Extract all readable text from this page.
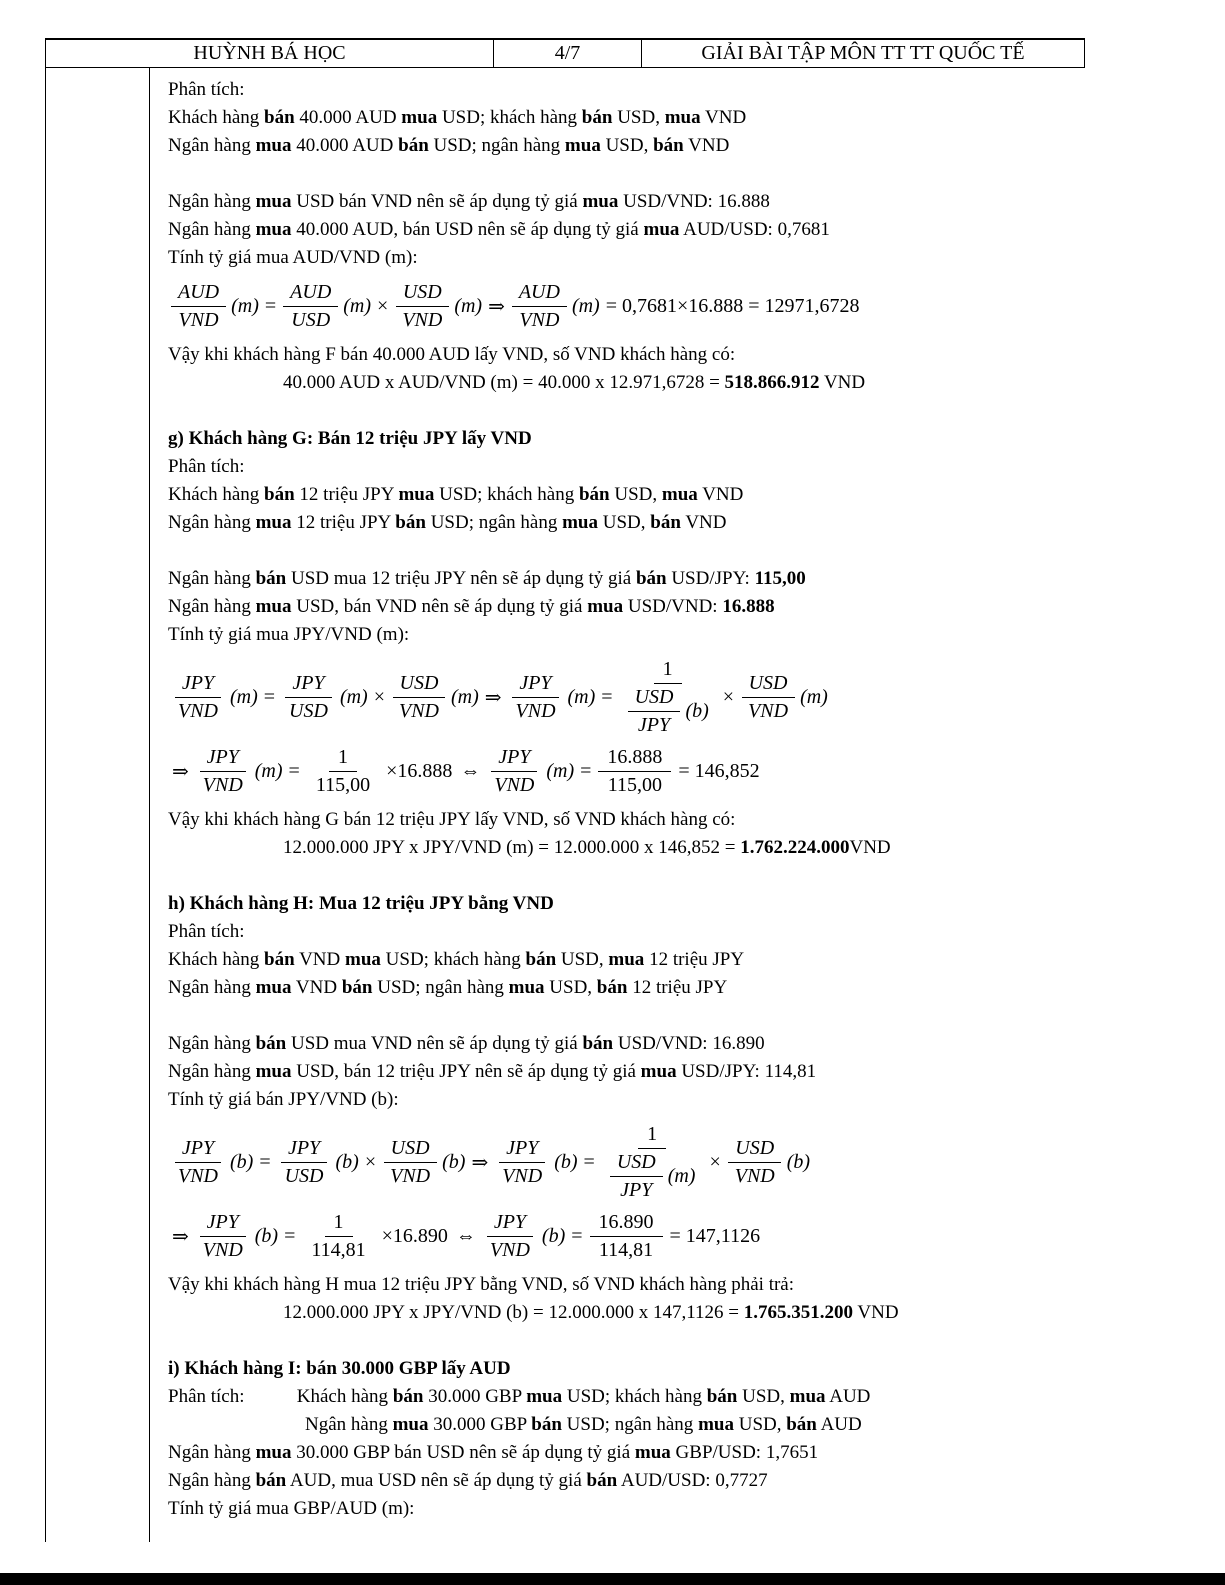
HUỲNH BÁ HỌC	4/7	GIẢI BÀI TẬP MÔN TT TT QUỐC TẾ
Phân tích:
Khách hàng bán 40.000 AUD mua USD; khách hàng bán USD, mua VND
Ngân hàng mua 40.000 AUD bán USD; ngân hàng mua USD, bán VND
Ngân hàng mua USD bán VND nên sẽ áp dụng tỷ giá mua USD/VND: 16.888
Ngân hàng mua 40.000 AUD, bán USD nên sẽ áp dụng tỷ giá mua AUD/USD: 0,7681
Tính tỷ giá mua AUD/VND (m):
AUD
VND
(m) =
AUD
USD
(m) ×
USD
VND
(m) ⇒
AUD
VND
(m) = 0,7681×16.888 = 12971,6728
Vậy khi khách hàng F bán 40.000 AUD lấy VND, số VND khách hàng có:
40.000 AUD x AUD/VND (m) = 40.000 x 12.971,6728 = 518.866.912 VND
g) Khách hàng G: Bán 12 triệu JPY lấy VND
Phân tích:
Khách hàng bán 12 triệu JPY mua USD; khách hàng bán USD, mua VND
Ngân hàng mua 12 triệu JPY bán USD; ngân hàng mua USD, bán VND
Ngân hàng bán USD mua 12 triệu JPY nên sẽ áp dụng tỷ giá bán USD/JPY: 115,00
Ngân hàng mua USD, bán VND nên sẽ áp dụng tỷ giá mua USD/VND: 16.888
Tính tỷ giá mua JPY/VND (m):
JPY
VND
(m) =
JPY
USD
(m) ×
USD
VND
(m) ⇒
JPY
VND
(m) =
1
USD
JPY
(b)
×
USD
VND
(m)
⇒
JPY
VND
$(m) = \frac{1}{115,00} \times 16.888$ ⇔
JPY
VND
$(m) = \frac{16.888}{115,00} = 146,852$
Vậy khi khách hàng G bán 12 triệu JPY lấy VND, số VND khách hàng có:
12.000.000 JPY x JPY/VND (m) = 12.000.000 x 146,852 = 1.762.224.000VND
h) Khách hàng H: Mua 12 triệu JPY bằng VND
Phân tích:
Khách hàng bán VND mua USD; khách hàng bán USD, mua 12 triệu JPY
Ngân hàng mua VND bán USD; ngân hàng mua USD, bán 12 triệu JPY
Ngân hàng bán USD mua VND nên sẽ áp dụng tỷ giá bán USD/VND: 16.890
Ngân hàng mua USD, bán 12 triệu JPY nên sẽ áp dụng tỷ giá mua USD/JPY: 114,81
Tính tỷ giá bán JPY/VND (b):
JPY
VND
(b) =
JPY
USD
(b) ×
USD
VND
(b) ⇒
JPY
VND
(b) =
1
USD
JPY
(m)
×
USD
VND
(b)
⇒
JPY
VND
$(b) = \frac{1}{114,81} \times 16.890$ ⇔
JPY
VND
$(b) = \frac{16.890}{114,81} = 147,1126$
Vậy khi khách hàng H mua 12 triệu JPY bằng VND, số VND khách hàng phải trả:
12.000.000 JPY x JPY/VND (b) = 12.000.000 x 147,1126 = 1.765.351.200 VND
i) Khách hàng I: bán 30.000 GBP lấy AUD
Phân tích:	Khách hàng bán 30.000 GBP mua USD; khách hàng bán USD, mua AUD
Ngân hàng mua 30.000 GBP bán USD; ngân hàng mua USD, bán AUD
Ngân hàng mua 30.000 GBP bán USD nên sẽ áp dụng tỷ giá mua GBP/USD: 1,7651
Ngân hàng bán AUD, mua USD nên sẽ áp dụng tỷ giá bán AUD/USD: 0,7727
Tính tỷ giá mua GBP/AUD (m):
